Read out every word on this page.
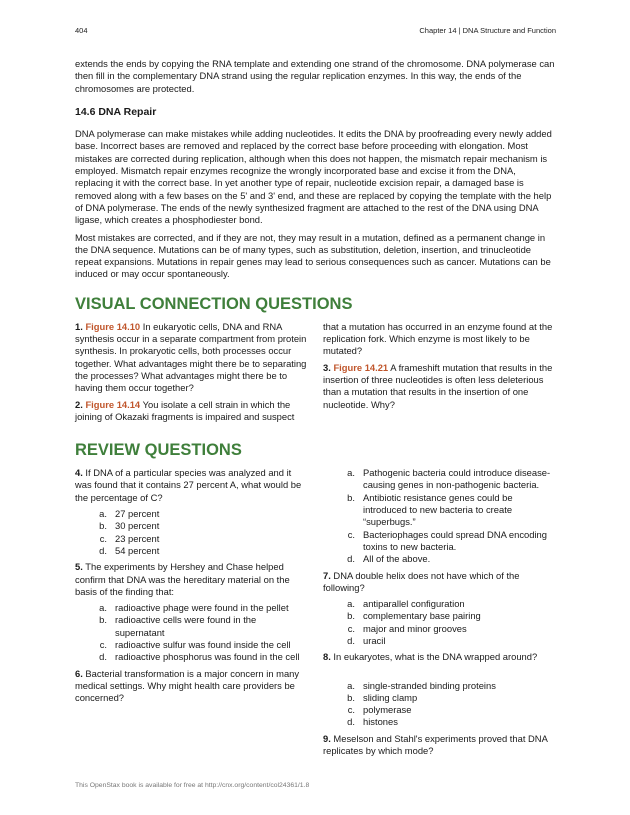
404	Chapter 14 | DNA Structure and Function

extends the ends by copying the RNA template and extending one strand of the chromosome. DNA polymerase can then fill in the complementary DNA strand using the regular replication enzymes. In this way, the ends of the chromosomes are protected.

14.6 DNA Repair

DNA polymerase can make mistakes while adding nucleotides. It edits the DNA by proofreading every newly added base. Incorrect bases are removed and replaced by the correct base before proceeding with elongation. Most mistakes are corrected during replication, although when this does not happen, the mismatch repair mechanism is employed. Mismatch repair enzymes recognize the wrongly incorporated base and excise it from the DNA, replacing it with the correct base. In yet another type of repair, nucleotide excision repair, a damaged base is removed along with a few bases on the 5' and 3' end, and these are replaced by copying the template with the help of DNA polymerase. The ends of the newly synthesized fragment are attached to the rest of the DNA using DNA ligase, which creates a phosphodiester bond.

Most mistakes are corrected, and if they are not, they may result in a mutation, defined as a permanent change in the DNA sequence. Mutations can be of many types, such as substitution, deletion, insertion, and trinucleotide repeat expansions. Mutations in repair genes may lead to serious consequences such as cancer. Mutations can be induced or may occur spontaneously.

VISUAL CONNECTION QUESTIONS
1. Figure 14.10 In eukaryotic cells, DNA and RNA synthesis occur in a separate compartment from protein synthesis. In prokaryotic cells, both processes occur together. What advantages might there be to separating the processes? What advantages might there be to having them occur together?
2. Figure 14.14 You isolate a cell strain in which the joining of Okazaki fragments is impaired and suspect
that a mutation has occurred in an enzyme found at the replication fork. Which enzyme is most likely to be mutated?
3. Figure 14.21 A frameshift mutation that results in the insertion of three nucleotides is often less deleterious than a mutation that results in the insertion of one nucleotide. Why?
REVIEW QUESTIONS
4. If DNA of a particular species was analyzed and it was found that it contains 27 percent A, what would be the percentage of C?
a. 27 percent
b. 30 percent
c. 23 percent
d. 54 percent
5. The experiments by Hershey and Chase helped confirm that DNA was the hereditary material on the basis of the finding that:
a. radioactive phage were found in the pellet
b. radioactive cells were found in the supernatant
c. radioactive sulfur was found inside the cell
d. radioactive phosphorus was found in the cell
6. Bacterial transformation is a major concern in many medical settings. Why might health care providers be concerned?
a. Pathogenic bacteria could introduce disease-causing genes in non-pathogenic bacteria.
b. Antibiotic resistance genes could be introduced to new bacteria to create “superbugs.”
c. Bacteriophages could spread DNA encoding toxins to new bacteria.
d. All of the above.
7. DNA double helix does not have which of the following?
a. antiparallel configuration
b. complementary base pairing
c. major and minor grooves
d. uracil
8. In eukaryotes, what is the DNA wrapped around?
a. single-stranded binding proteins
b. sliding clamp
c. polymerase
d. histones
9. Meselson and Stahl's experiments proved that DNA replicates by which mode?
This OpenStax book is available for free at http://cnx.org/content/col24361/1.8
